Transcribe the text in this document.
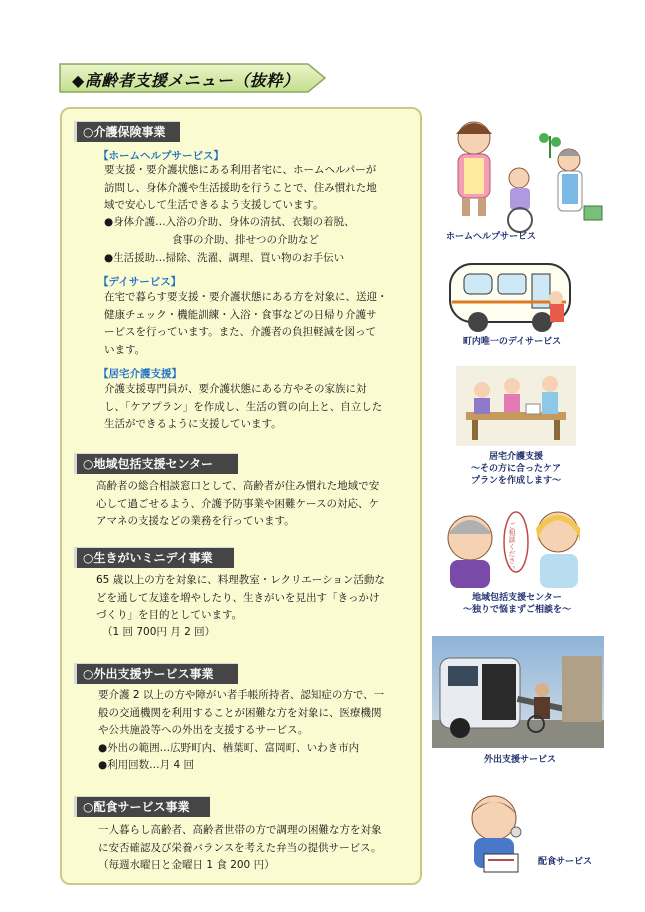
◆高齢者支援メニュー（抜粋）
○介護保険事業
【ホームヘルプサービス】
要支援・要介護状態にある利用者宅に、ホームヘルパーが
訪問し、身体介護や生活援助を行うことで、住み慣れた地
域で安心して生活できるよう支援しています。
●身体介護…入浴の介助、身体の清拭、衣類の着脱、
食事の介助、排せつの介助など
●生活援助…掃除、洗濯、調理、買い物のお手伝い
【デイサービス】
在宅で暮らす要支援・要介護状態にある方を対象に、送迎・
健康チェック・機能訓練・入浴・食事などの日帰り介護サ
ービスを行っています。また、介護者の負担軽減を図って
います。
【居宅介護支援】
介護支援専門員が、要介護状態にある方やその家族に対
し、「ケアプラン」を作成し、生活の質の向上と、自立した
生活ができるように支援しています。
○地域包括支援センター
高齢者の総合相談窓口として、高齢者が住み慣れた地域で安
心して過ごせるよう、介護予防事業や困難ケースの対応、ケ
アマネの支援などの業務を行っています。
○生きがいミニデイ事業
65 歳以上の方を対象に、料理教室・レクリエーション活動な
どを通して友達を増やしたり、生きがいを見出す「きっかけ
づくり」を目的としています。
（1 回 700円 月 2 回）
○外出支援サービス事業
要介護 2 以上の方や障がい者手帳所持者、認知症の方で、一
般の交通機関を利用することが困難な方を対象に、医療機関
や公共施設等への外出を支援するサービス。
●外出の範囲…広野町内、楢葉町、富岡町、いわき市内
●利用回数…月 4 回
○配食サービス事業
一人暮らし高齢者、高齢者世帯の方で調理の困難な方を対象
に安否確認及び栄養バランスを考えた弁当の提供サービス。
（毎週水曜日と金曜日 1 食 200 円）
ホームヘルプサービス
町内唯一のデイサービス
居宅介護支援
～その方に合ったケア
プランを作成します～
ご相談ください
地域包括支援センター
～独りで悩まずご相談を～
外出支援サービス
配食サービス
